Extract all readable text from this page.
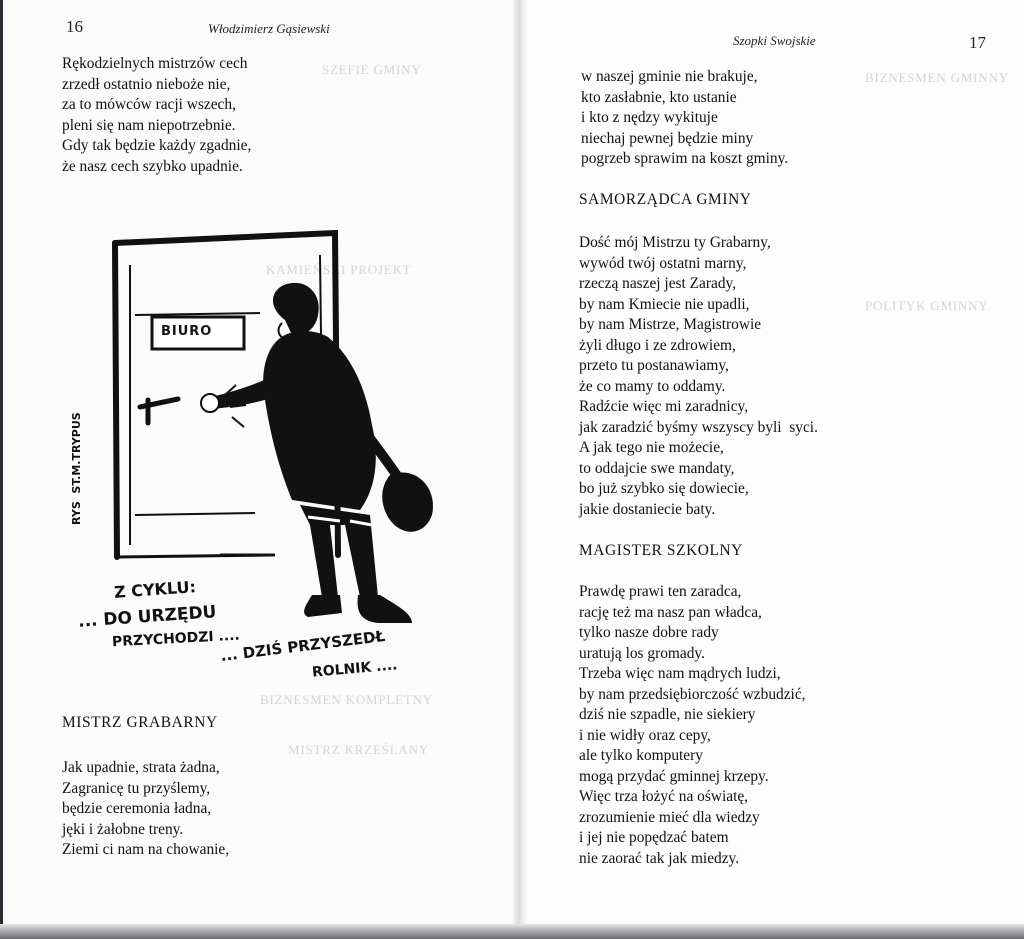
16	Włodzimierz Gąsiewski
SZEFIE GMINY
KAMIEŃSKI PROJEKT
BIZNESMEN KOMPLETNY
MISTRZ KRZEŚLANY
Rękodzielnych mistrzów cech
zrzedł ostatnio nieboże nie,
za to mówców racji wszech,
pleni się nam niepotrzebnie.
Gdy tak będzie każdy zgadnie,
że nasz cech szybko upadnie.
BIURO
RYS  ST.M.TRYPUS
Z CYKLU:
... DO URZĘDU
PRZYCHODZI ....
... DZIŚ PRZYSZEDŁ
ROLNIK ....
MISTRZ GRABARNY
Jak upadnie, strata żadna,
Zagranicę tu przyślemy,
będzie ceremonia ładna,
jęki i żałobne treny.
Ziemi ci nam na chowanie,
Szopki Swojskie	17
BIZNESMEN GMINNY
POLITYK GMINNY
w naszej gminie nie brakuje,
kto zasłabnie, kto ustanie
i kto z nędzy wykituje
niechaj pewnej będzie miny
pogrzeb sprawim na koszt gminy.
SAMORZĄDCA GMINY
Dość mój Mistrzu ty Grabarny,
wywód twój ostatni marny,
rzeczą naszej jest Zarady,
by nam Kmiecie nie upadli,
by nam Mistrze, Magistrowie
żyli długo i ze zdrowiem,
przeto tu postanawiamy,
że co mamy to oddamy.
Radźcie więc mi zaradnicy,
jak zaradzić byśmy wszyscy byli  syci.
A jak tego nie możecie,
to oddajcie swe mandaty,
bo już szybko się dowiecie,
jakie dostaniecie baty.
MAGISTER SZKOLNY
Prawdę prawi ten zaradca,
rację też ma nasz pan władca,
tylko nasze dobre rady
uratują los gromady.
Trzeba więc nam mądrych ludzi,
by nam przedsiębiorczość wzbudzić,
dziś nie szpadle, nie siekiery
i nie widły oraz cepy,
ale tylko komputery
mogą przydać gminnej krzepy.
Więc trza łożyć na oświatę,
zrozumienie mieć dla wiedzy
i jej nie popędzać batem
nie zaorać tak jak miedzy.
